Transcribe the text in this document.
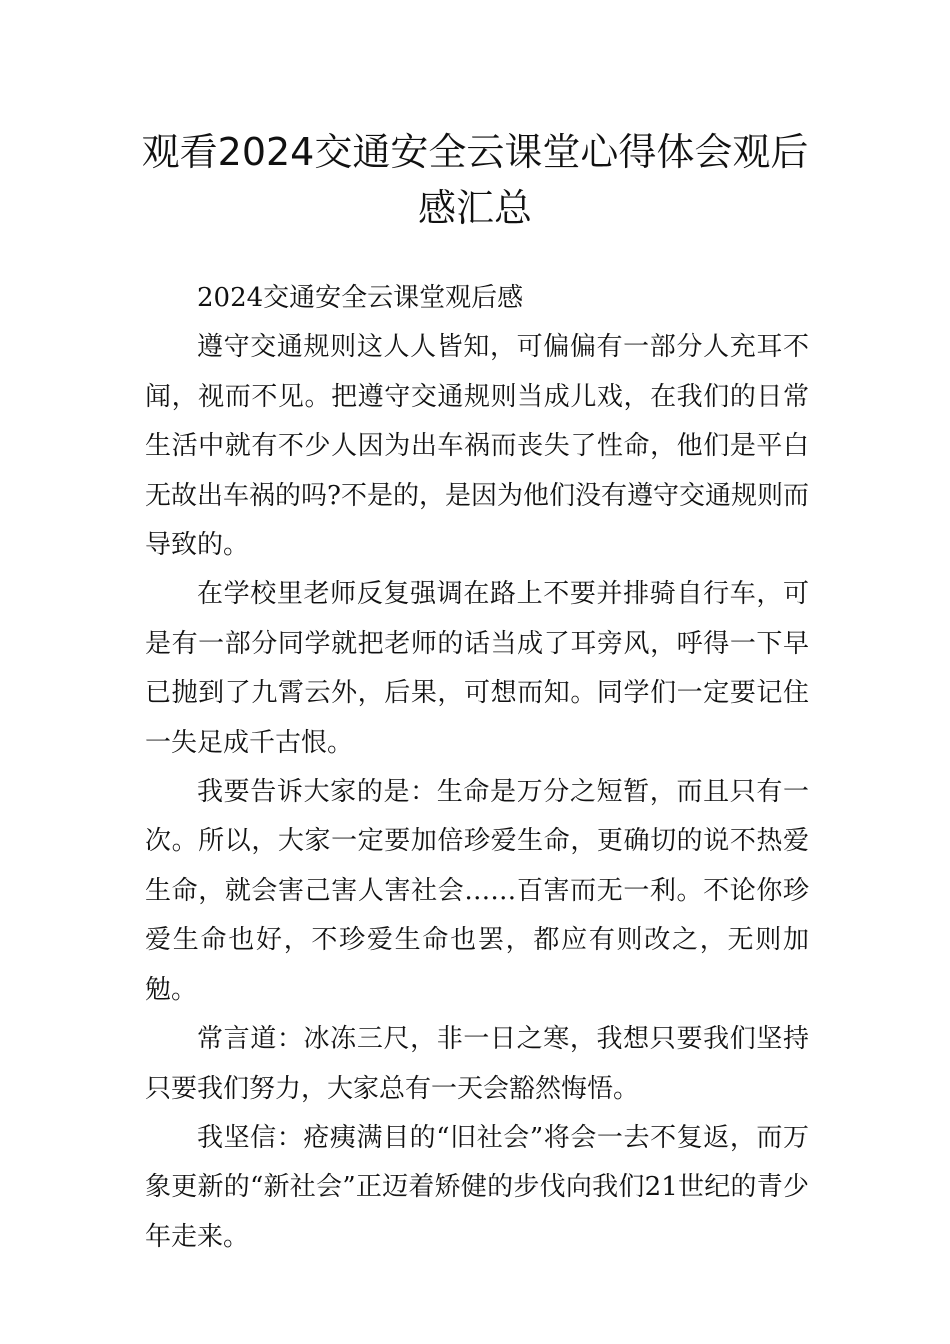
观看2024交通安全云课堂心得体会观后感汇总

2024交通安全云课堂观后感

遵守交通规则这人人皆知，可偏偏有一部分人充耳不闻，视而不见。把遵守交通规则当成儿戏，在我们的日常生活中就有不少人因为出车祸而丧失了性命，他们是平白无故出车祸的吗?不是的，是因为他们没有遵守交通规则而导致的。

在学校里老师反复强调在路上不要并排骑自行车，可是有一部分同学就把老师的话当成了耳旁风，呼得一下早已抛到了九霄云外，后果，可想而知。同学们一定要记住一失足成千古恨。

我要告诉大家的是：生命是万分之短暂，而且只有一次。所以，大家一定要加倍珍爱生命，更确切的说不热爱生命，就会害己害人害社会……百害而无一利。不论你珍爱生命也好，不珍爱生命也罢，都应有则改之，无则加勉。

常言道：冰冻三尺，非一日之寒，我想只要我们坚持只要我们努力，大家总有一天会豁然悔悟。

我坚信：疮痍满目的“旧社会”将会一去不复返，而万象更新的“新社会”正迈着矫健的步伐向我们21世纪的青少年走来。
